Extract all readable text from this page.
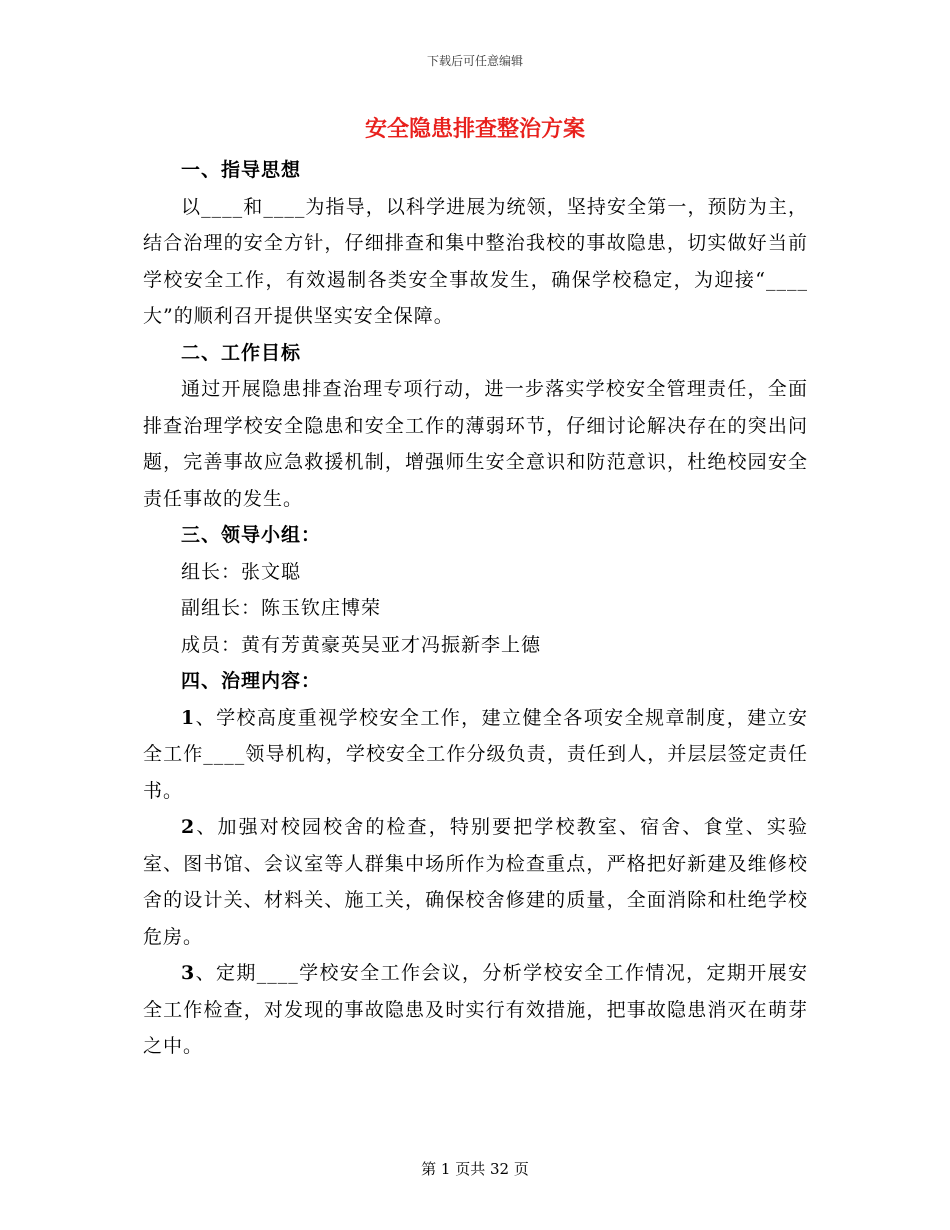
下载后可任意编辑
安全隐患排查整治方案

一、指导思想

以____和____为指导，以科学进展为统领，坚持安全第一，预防为主，结合治理的安全方针，仔细排查和集中整治我校的事故隐患，切实做好当前学校安全工作，有效遏制各类安全事故发生，确保学校稳定，为迎接“____大”的顺利召开提供坚实安全保障。

二、工作目标

通过开展隐患排查治理专项行动，进一步落实学校安全管理责任，全面排查治理学校安全隐患和安全工作的薄弱环节，仔细讨论解决存在的突出问题，完善事故应急救援机制，增强师生安全意识和防范意识，杜绝校园安全责任事故的发生。

三、领导小组：

组长：张文聪

副组长：陈玉钦庄博荣

成员：黄有芳黄豪英吴亚才冯振新李上德

四、治理内容：

1、学校高度重视学校安全工作，建立健全各项安全规章制度，建立安全工作____领导机构，学校安全工作分级负责，责任到人，并层层签定责任书。

2、加强对校园校舍的检查，特别要把学校教室、宿舍、食堂、实验室、图书馆、会议室等人群集中场所作为检查重点，严格把好新建及维修校舍的设计关、材料关、施工关，确保校舍修建的质量，全面消除和杜绝学校危房。

3、定期____学校安全工作会议，分析学校安全工作情况，定期开展安全工作检查，对发现的事故隐患及时实行有效措施，把事故隐患消灭在萌芽之中。

第 1 页共 32 页
